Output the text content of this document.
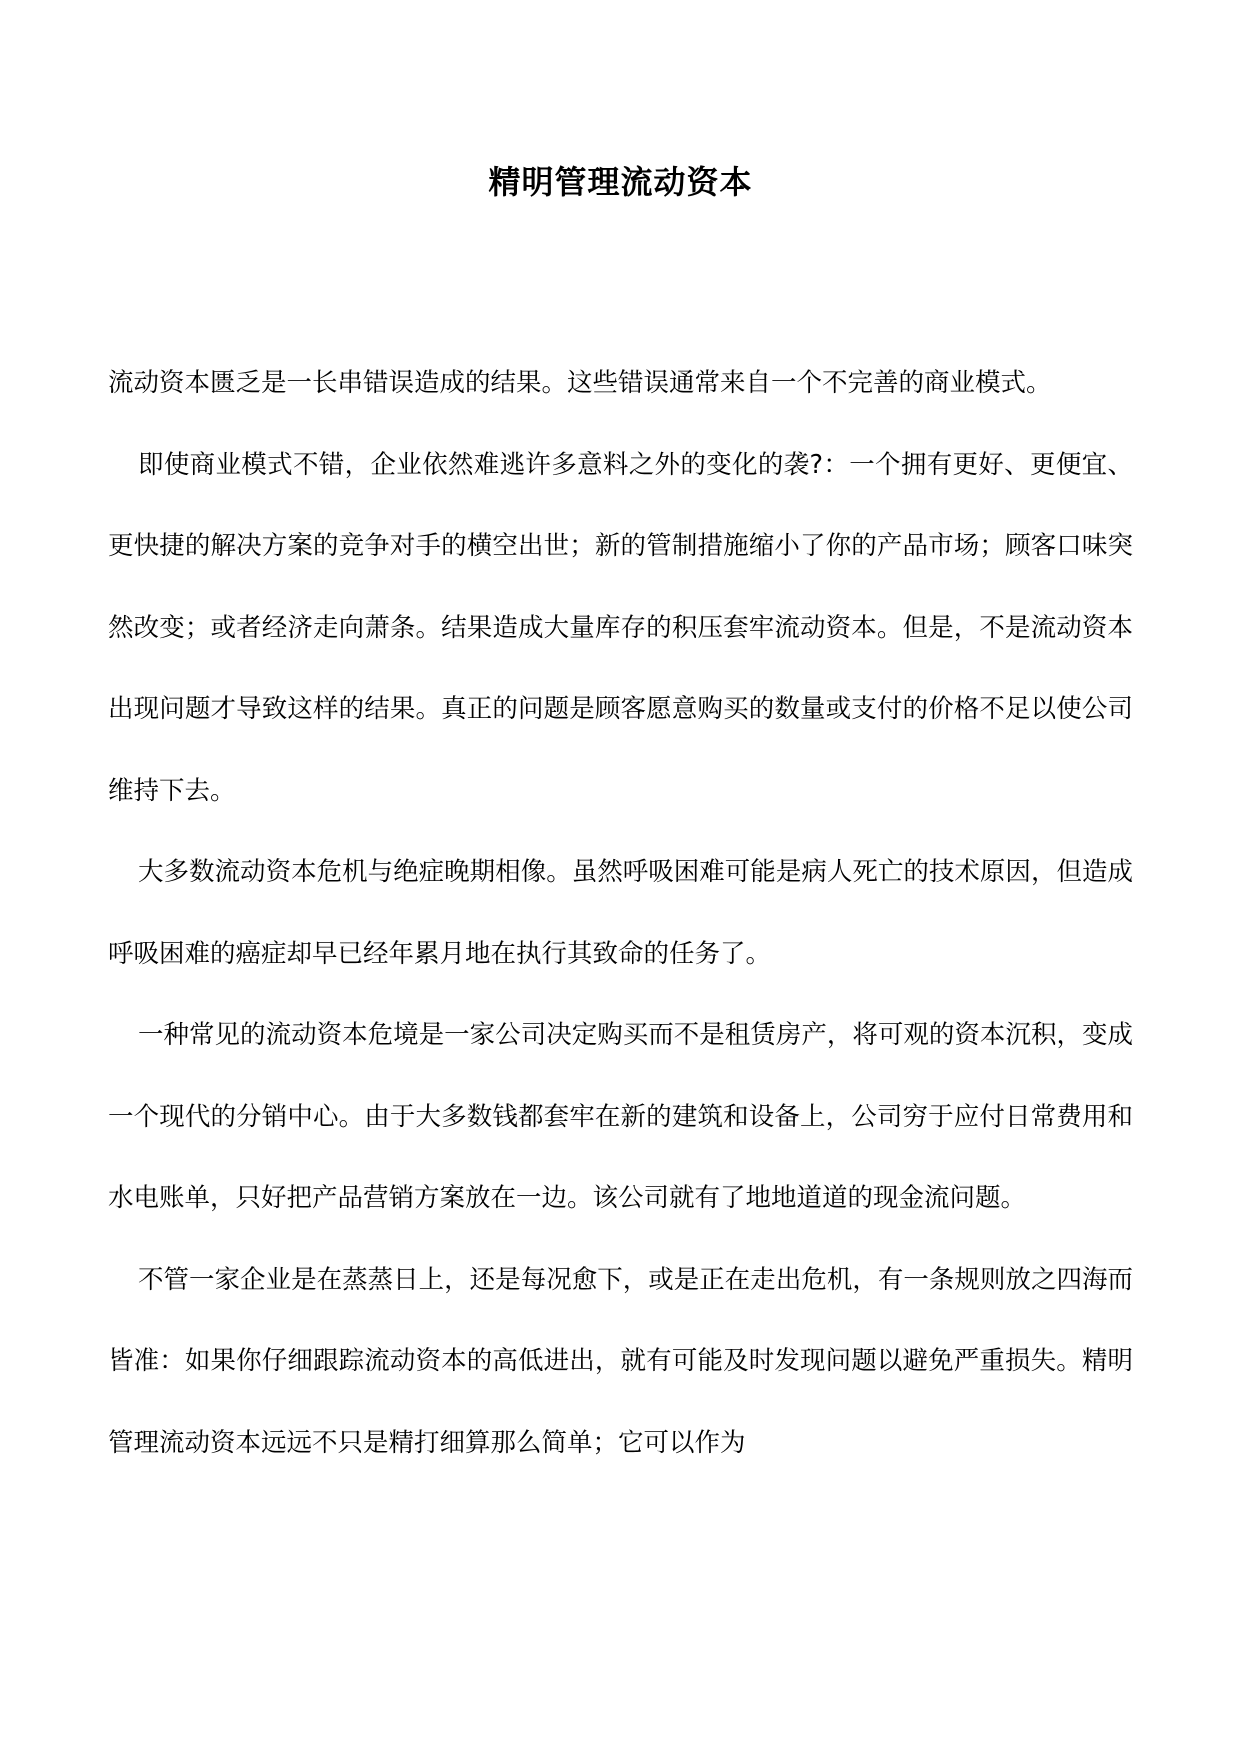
精明管理流动资本

流动资本匮乏是一长串错误造成的结果。这些错误通常来自一个不完善的商业模式。

即使商业模式不错，企业依然难逃许多意料之外的变化的袭?：一个拥有更好、更便宜、更快捷的解决方案的竞争对手的横空出世；新的管制措施缩小了你的产品市场；顾客口味突然改变；或者经济走向萧条。结果造成大量库存的积压套牢流动资本。但是，不是流动资本出现问题才导致这样的结果。真正的问题是顾客愿意购买的数量或支付的价格不足以使公司维持下去。

大多数流动资本危机与绝症晚期相像。虽然呼吸困难可能是病人死亡的技术原因，但造成呼吸困难的癌症却早已经年累月地在执行其致命的任务了。

一种常见的流动资本危境是一家公司决定购买而不是租赁房产，将可观的资本沉积，变成一个现代的分销中心。由于大多数钱都套牢在新的建筑和设备上，公司穷于应付日常费用和水电账单，只好把产品营销方案放在一边。该公司就有了地地道道的现金流问题。

不管一家企业是在蒸蒸日上，还是每况愈下，或是正在走出危机，有一条规则放之四海而皆准：如果你仔细跟踪流动资本的高低进出，就有可能及时发现问题以避免严重损失。精明管理流动资本远远不只是精打细算那么简单；它可以作为
